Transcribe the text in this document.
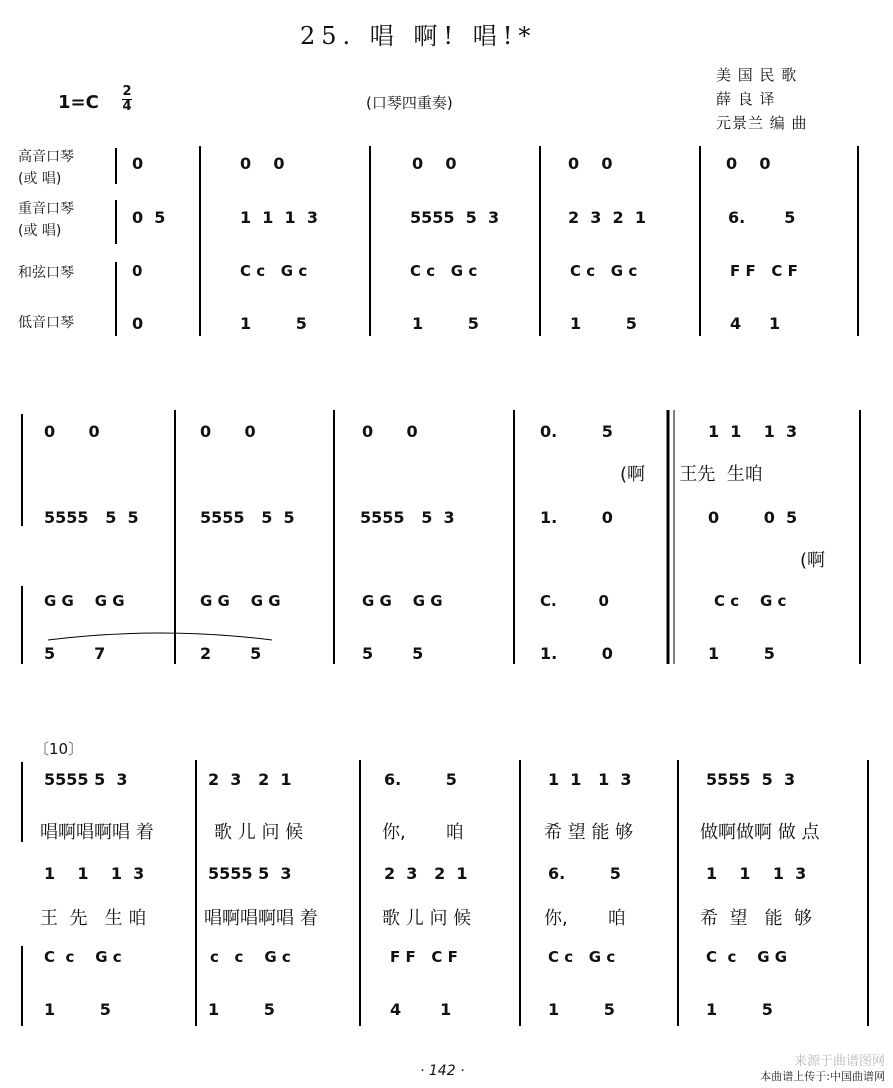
25. 唱 啊! 唱!*
美 国 民 歌
薛 良 译
元景兰 编 曲
1=C
2
4	(口琴四重奏)
高音口琴
(或 唱)
重音口琴
(或 唱)
和弦口琴
低音口琴
0	0    0	0    0	0    0	0    0
0  5	1  1  1  3	5555  5  3	2  3  2  1	6.       5
0	C c   G c	C c   G c	C c   G c	F F   C F
0	1        5	1        5	1        5	4     1
0      0	0      0	0      0	0.        5	1  1    1  3
(啊      王先  生咱
5555   5  5	5555   5  5	5555   5  3	1.        0	0        0  5
(啊
G G    G G	G G    G G	G G    G G	C.        0	C c    G c
5       7	2       5	5       5	1.        0	1        5
〔10〕
5555 5  3	2  3   2  1	6.        5	1  1   1  3	5555  5  3
唱啊唱啊唱 着	歌 儿 问 候	你,       咱	希 望 能 够	做啊做啊 做 点
1    1    1  3	5555 5  3	2  3   2  1	6.        5	1    1    1  3
王  先   生 咱	唱啊唱啊唱 着	歌 儿 问 候	你,       咱	希  望   能  够
C  c    G c	c   c    G c	F F   C F	C c   G c	C  c    G G
1        5	1        5	4       1	1        5	1        5
· 142 ·
来源于曲谱图网
本曲谱上传于:中国曲谱网
